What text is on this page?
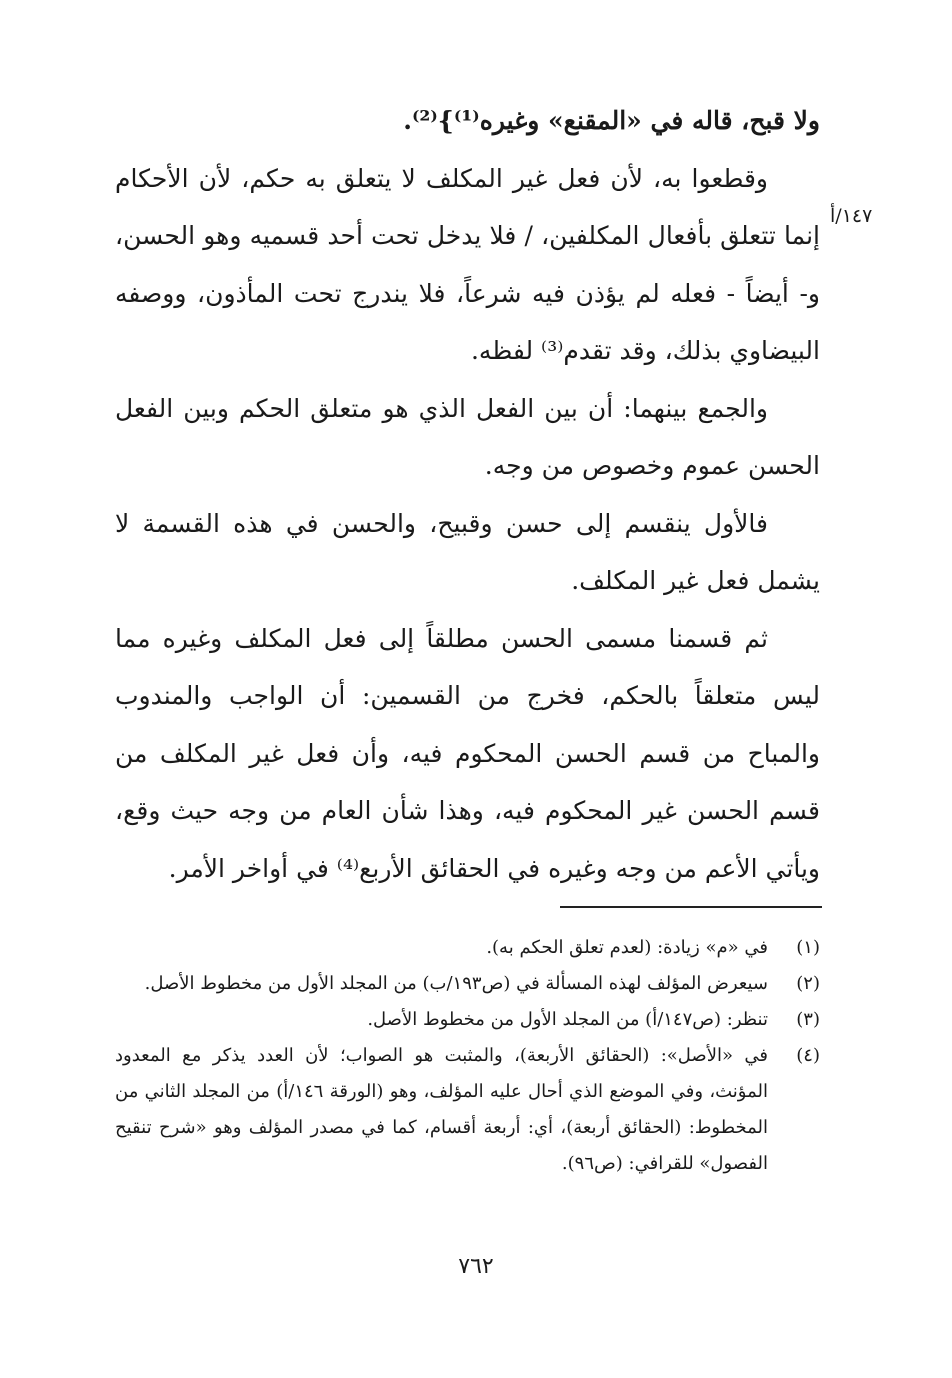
ولا قبح، قاله في «المقنع» وغيره⁽¹⁾}⁽²⁾.

وقطعوا به، لأن فعل غير المكلف لا يتعلق به حكم، لأن الأحكام إنما تتعلق بأفعال المكلفين، / فلا يدخل تحت أحد قسميه وهو الحسن، و- أيضاً - فعله لم يؤذن فيه شرعاً، فلا يندرج تحت المأذون، ووصفه البيضاوي بذلك، وقد تقدم⁽³⁾ لفظه.

والجمع بينهما: أن بين الفعل الذي هو متعلق الحكم وبين الفعل الحسن عموم وخصوص من وجه.

فالأول ينقسم إلى حسن وقبيح، والحسن في هذه القسمة لا يشمل فعل غير المكلف.

ثم قسمنا مسمى الحسن مطلقاً إلى فعل المكلف وغيره مما ليس متعلقاً بالحكم، فخرج من القسمين: أن الواجب والمندوب والمباح من قسم الحسن المحكوم فيه، وأن فعل غير المكلف من قسم الحسن غير المحكوم فيه، وهذا شأن العام من وجه حيث وقع، ويأتي الأعم من وجه وغيره في الحقائق الأربع⁽⁴⁾ في أواخر الأمر.

١٤٧/أ
(١)
في «م» زيادة: (لعدم تعلق الحكم به).
(٢)
سيعرض المؤلف لهذه المسألة في (ص١٩٣/ب) من المجلد الأول من مخطوط الأصل.
(٣)
تنظر: (ص١٤٧/أ) من المجلد الأول من مخطوط الأصل.
(٤)
في «الأصل»: (الحقائق الأربعة)، والمثبت هو الصواب؛ لأن العدد يذكر مع المعدود المؤنث، وفي الموضع الذي أحال عليه المؤلف، وهو (الورقة ١٤٦/أ) من المجلد الثاني من المخطوط: (الحقائق أربعة)، أي: أربعة أقسام، كما في مصدر المؤلف وهو «شرح تنقيح الفصول» للقرافي: (ص٩٦).
٧٦٢
